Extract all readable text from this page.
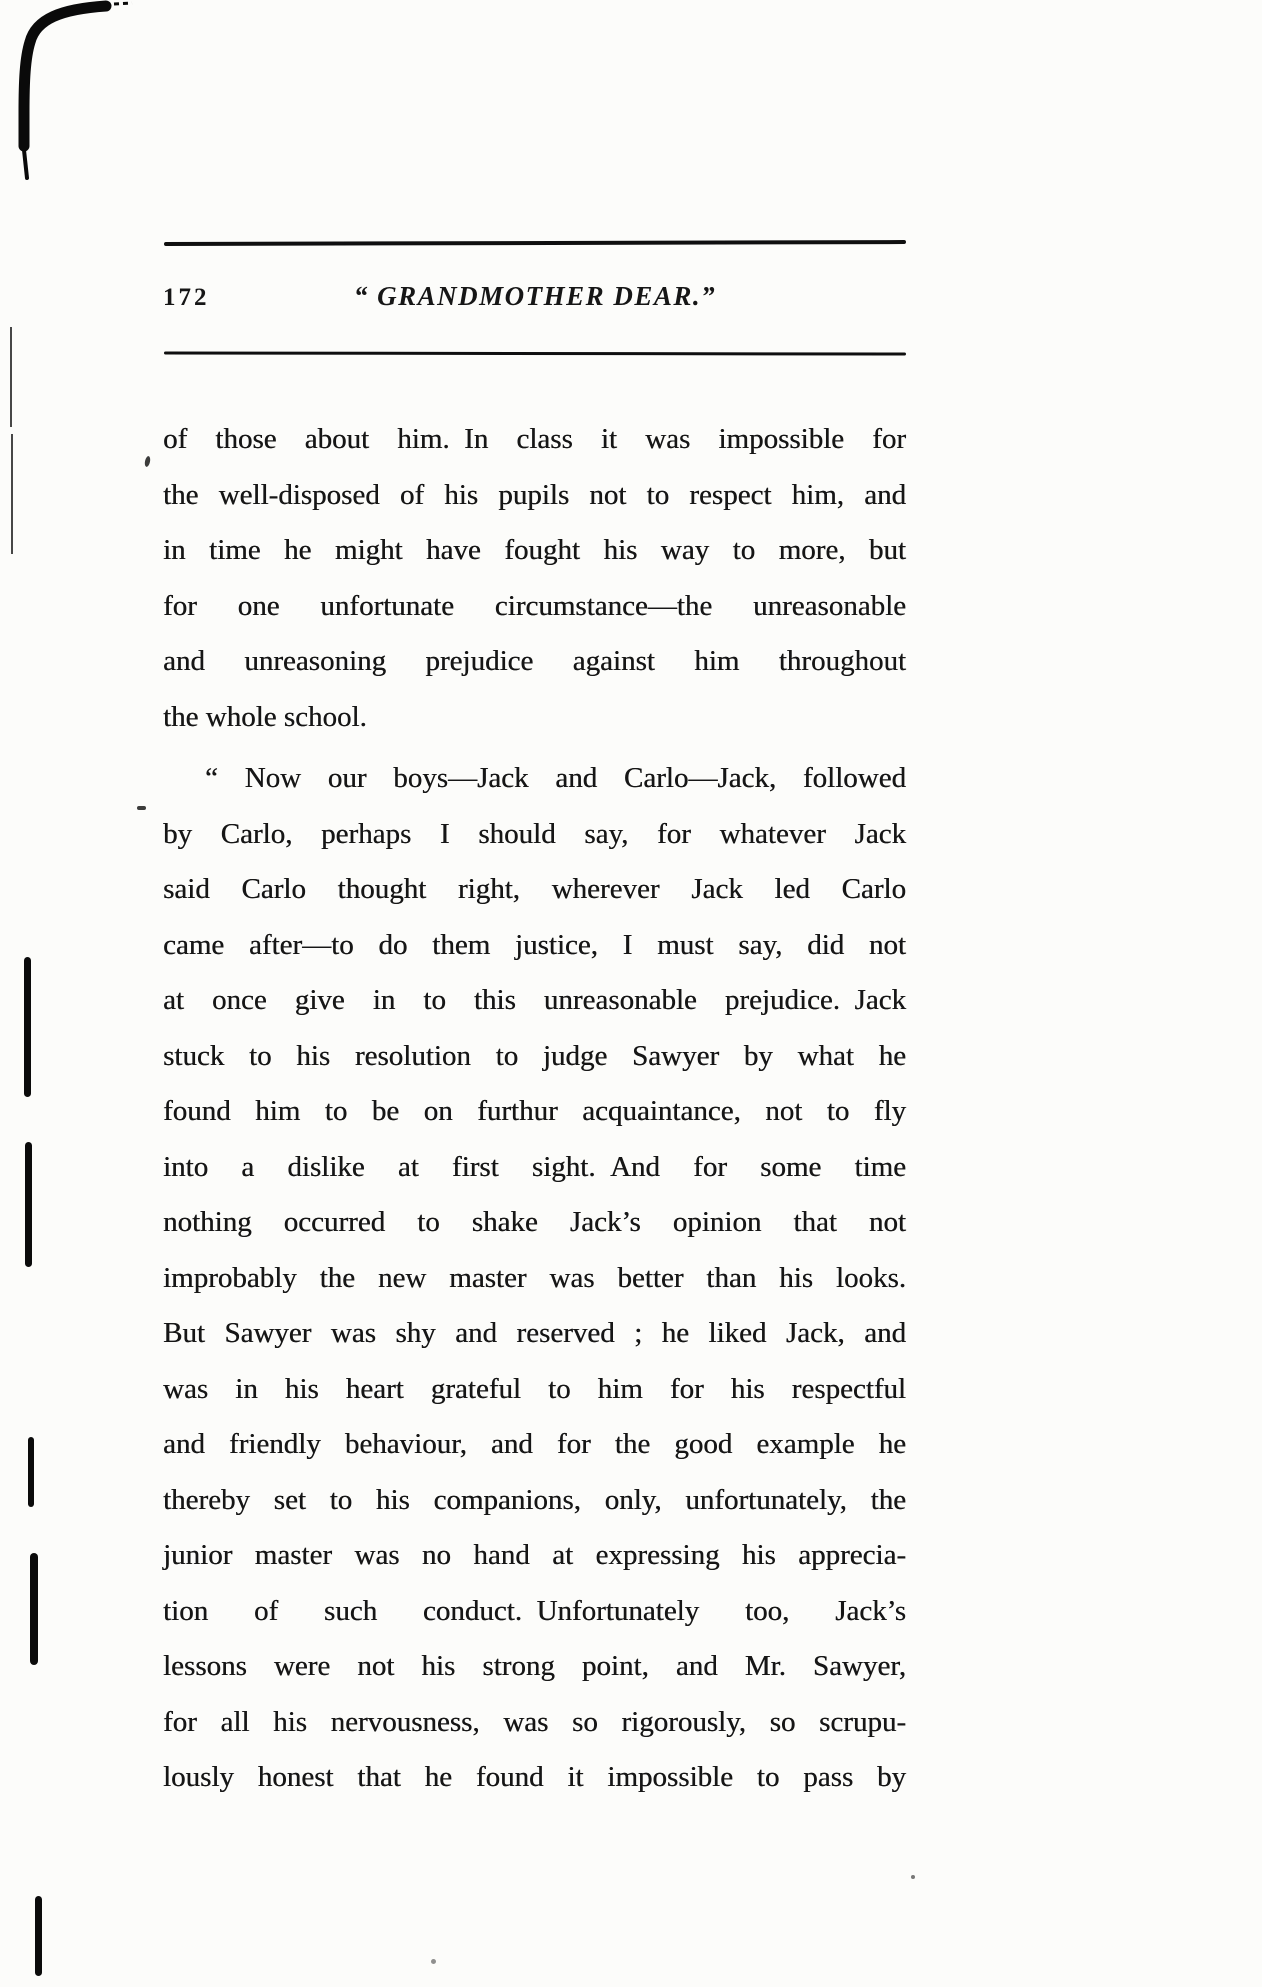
172	“ GRANDMOTHER DEAR.”
of those about him. In class it was impossible for
the well-disposed of his pupils not to respect him, and
in time he might have fought his way to more, but
for one unfortunate circumstance—the unreasonable
and unreasoning prejudice against him throughout
the whole school.
“ Now our boys—Jack and Carlo—Jack, followed
by Carlo, perhaps I should say, for whatever Jack
said Carlo thought right, wherever Jack led Carlo
came after—to do them justice, I must say, did not
at once give in to this unreasonable prejudice. Jack
stuck to his resolution to judge Sawyer by what he
found him to be on furthur acquaintance, not to fly
into a dislike at first sight. And for some time
nothing occurred to shake Jack’s opinion that not
improbably the new master was better than his looks.
But Sawyer was shy and reserved ; he liked Jack, and
was in his heart grateful to him for his respectful
and friendly behaviour, and for the good example he
thereby set to his companions, only, unfortunately, the
junior master was no hand at expressing his apprecia-
tion of such conduct. Unfortunately too, Jack’s
lessons were not his strong point, and Mr. Sawyer,
for all his nervousness, was so rigorously, so scrupu-
lously honest that he found it impossible to pass by
